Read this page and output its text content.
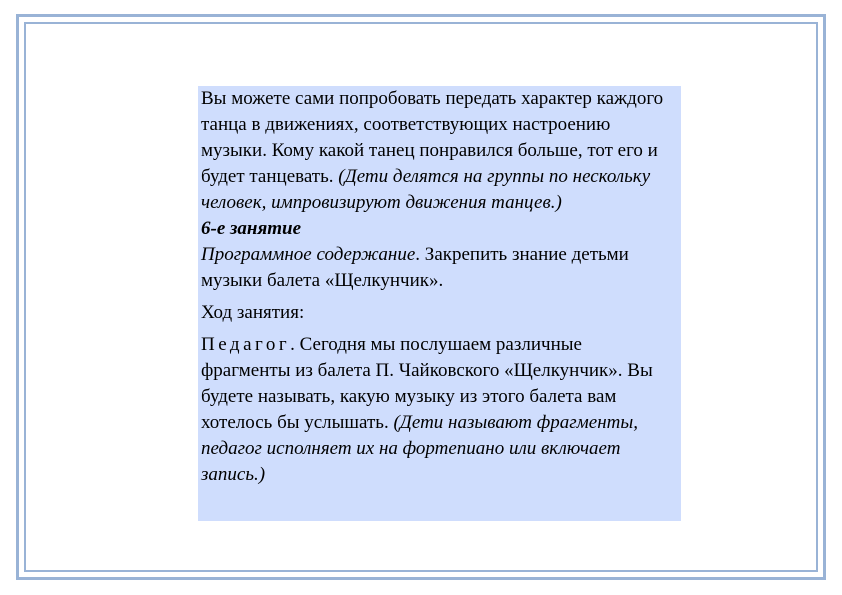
Вы можете сами попробовать передать характер каждого танца в движениях, соответствующих настроению музыки. Кому какой танец понравился больше, тот его и будет танцевать. (Дети делятся на группы по нескольку человек, импровизируют движения танцев.)

6-е занятие

Программное содержание. Закрепить знание детьми музыки балета «Щелкунчик».

Ход занятия:

Педагог. Сегодня мы послушаем различные фрагменты из балета П. Чайковского «Щелкунчик». Вы будете называть, какую музыку из этого балета вам хотелось бы услышать. (Дети называют фрагменты, педагог исполняет их на фортепиано или включает запись.)
